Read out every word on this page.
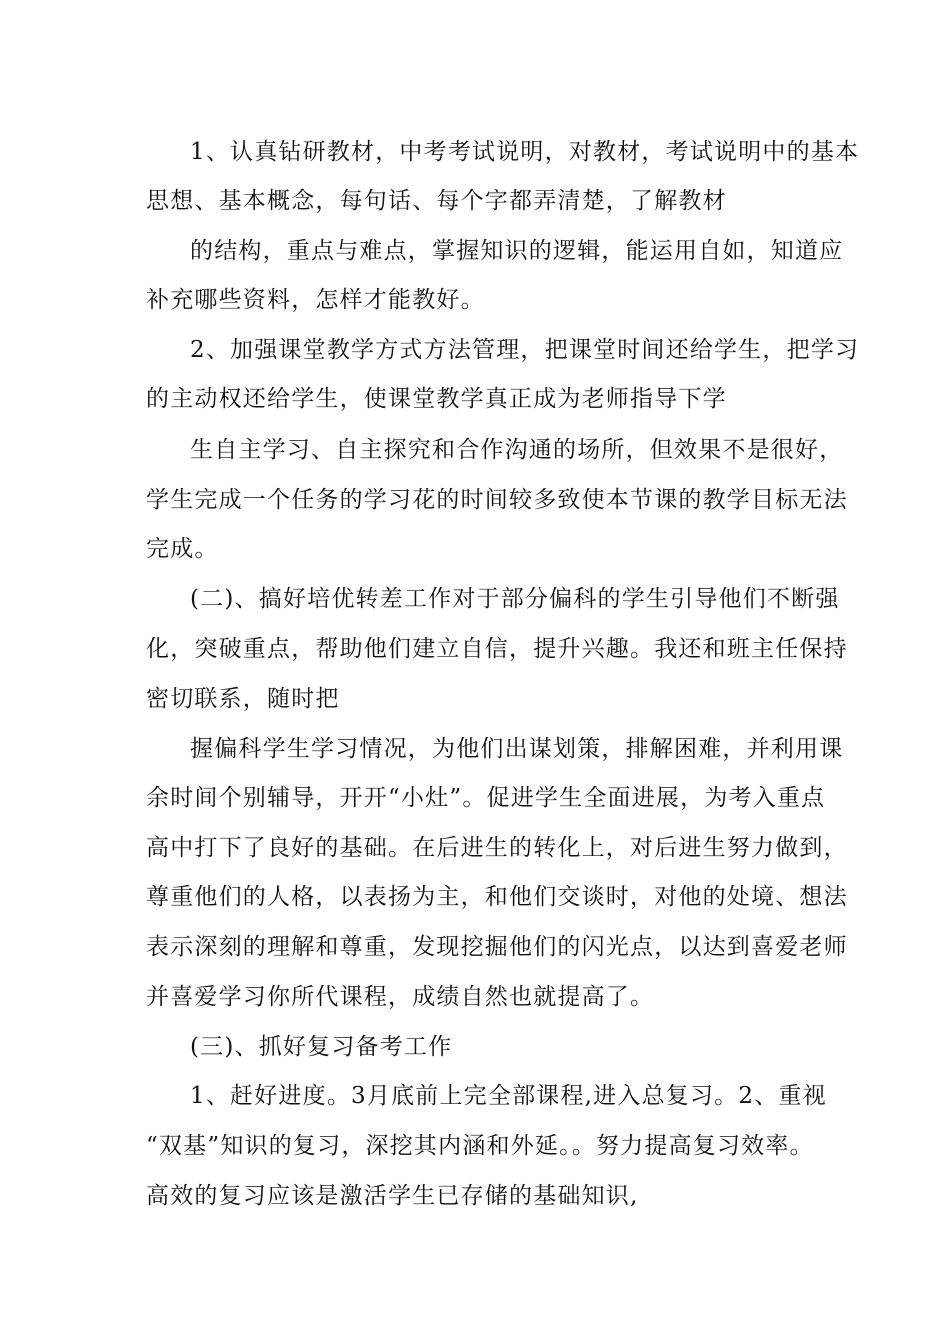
1、认真钻研教材，中考考试说明，对教材，考试说明中的基本
思想、基本概念，每句话、每个字都弄清楚，了解教材
的结构，重点与难点，掌握知识的逻辑，能运用自如，知道应
补充哪些资料，怎样才能教好。
2、加强课堂教学方式方法管理，把课堂时间还给学生，把学习
的主动权还给学生，使课堂教学真正成为老师指导下学
生自主学习、自主探究和合作沟通的场所，但效果不是很好，
学生完成一个任务的学习花的时间较多致使本节课的教学目标无法
完成。
(二)、搞好培优转差工作对于部分偏科的学生引导他们不断强
化，突破重点，帮助他们建立自信，提升兴趣。我还和班主任保持
密切联系，随时把
握偏科学生学习情况，为他们出谋划策，排解困难，并利用课
余时间个别辅导，开开“小灶”。促进学生全面进展，为考入重点
高中打下了良好的基础。在后进生的转化上，对后进生努力做到，
尊重他们的人格，以表扬为主，和他们交谈时，对他的处境、想法
表示深刻的理解和尊重，发现挖掘他们的闪光点，以达到喜爱老师
并喜爱学习你所代课程，成绩自然也就提高了。
(三)、抓好复习备考工作
1、赶好进度。3月底前上完全部课程,进入总复习。2、重视
“双基”知识的复习，深挖其内涵和外延。。努力提高复习效率。
高效的复习应该是激活学生已存储的基础知识,
